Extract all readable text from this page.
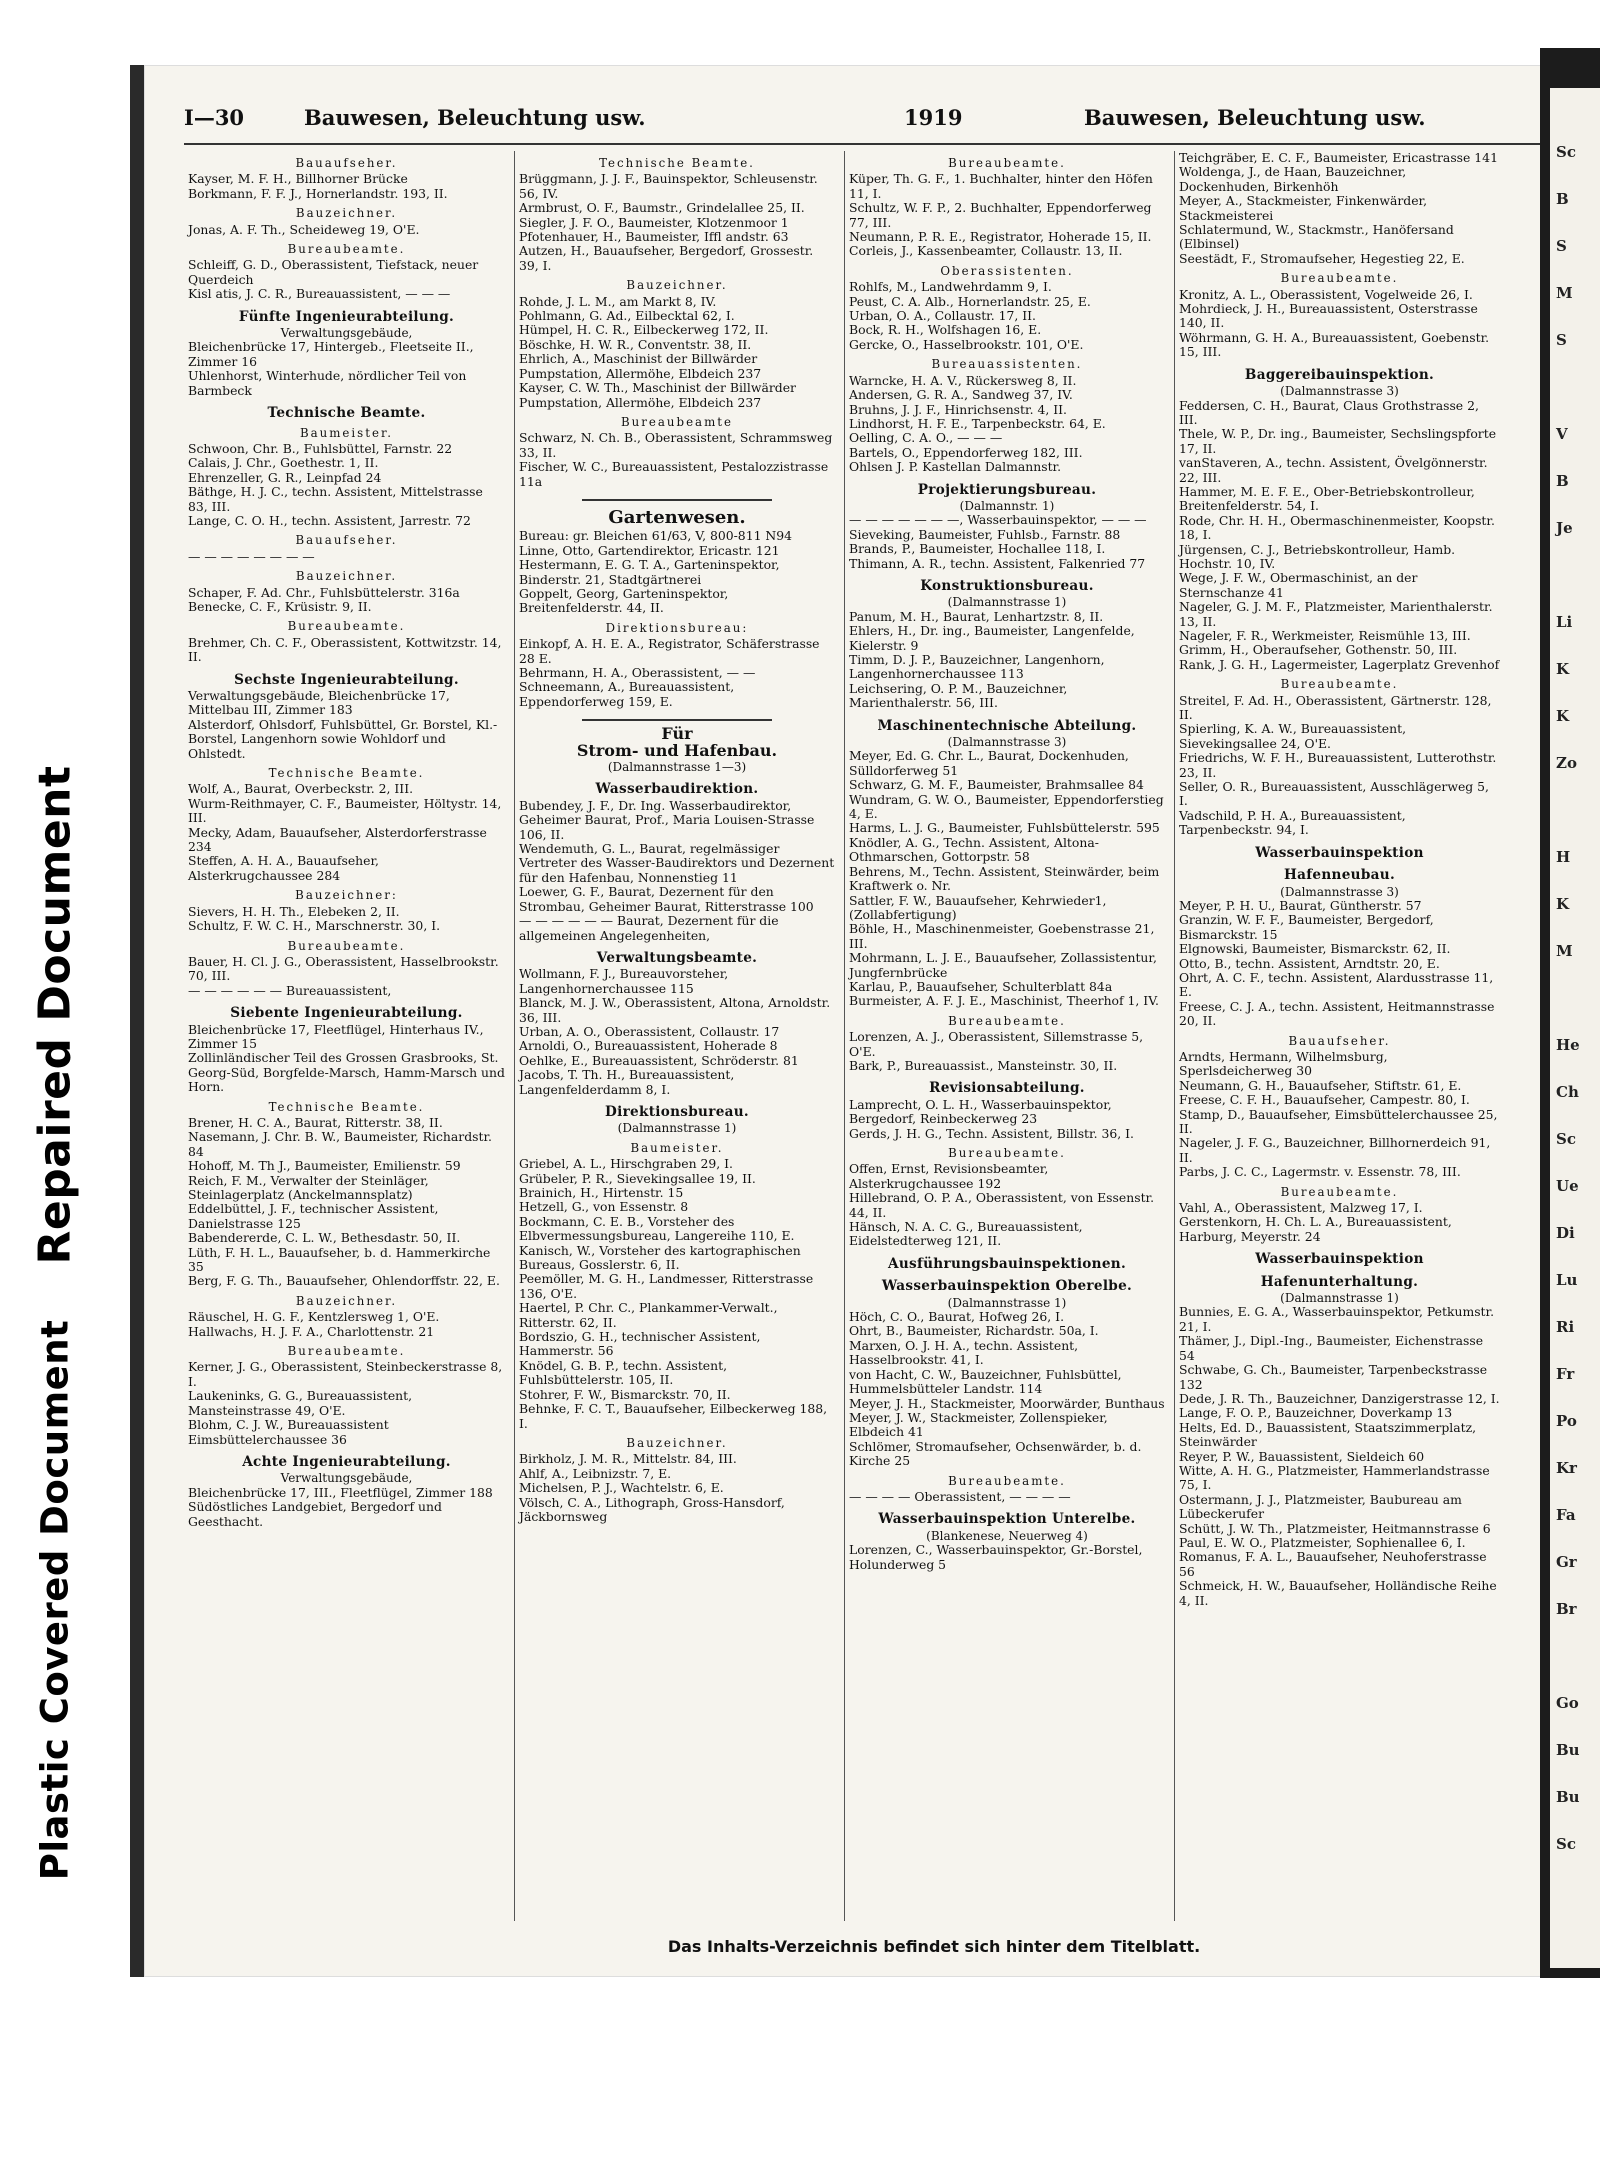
Repaired Document
Plastic Covered Document
I—30	Bauwesen, Beleuchtung usw.	1919	Bauwesen, Beleuchtung usw.
Bauaufseher.
Kayser, M. F. H., Billhorner Brücke
Borkmann, F. F. J., Hornerlandstr. 193, II.
Bauzeichner.
Jonas, A. F. Th., Scheideweg 19, O'E.
Bureaubeamte.
Schleiff, G. D., Oberassistent, Tiefstack, neuer Querdeich
Kisl atis, J. C. R., Bureauassistent, — — —
Fünfte Ingenieurabteilung.
Verwaltungsgebäude,
Bleichenbrücke 17, Hintergeb., Fleetseite II., Zimmer 16
Uhlenhorst, Winterhude, nördlicher Teil von Barmbeck
Technische Beamte.
Baumeister.
Schwoon, Chr. B., Fuhlsbüttel, Farnstr. 22
Calais, J. Chr., Goethestr. 1, II.
Ehrenzeller, G. R., Leinpfad 24
Bäthge, H. J. C., techn. Assistent, Mittelstrasse 83, III.
Lange, C. O. H., techn. Assistent, Jarrestr. 72
Bauaufseher.
— — — — — — — —
Bauzeichner.
Schaper, F. Ad. Chr., Fuhlsbüttelerstr. 316a
Benecke, C. F., Krüsistr. 9, II.
Bureaubeamte.
Brehmer, Ch. C. F., Oberassistent, Kottwitzstr. 14, II.
Sechste Ingenieurabteilung.
Verwaltungsgebäude, Bleichenbrücke 17, Mittelbau III, Zimmer 183
Alsterdorf, Ohlsdorf, Fuhlsbüttel, Gr. Borstel, Kl.-Borstel, Langenhorn sowie Wohldorf und Ohlstedt.
Technische Beamte.
Wolf, A., Baurat, Overbeckstr. 2, III.
Wurm-Reithmayer, C. F., Baumeister, Höltystr. 14, III.
Mecky, Adam, Bauaufseher, Alsterdorferstrasse 234
Steffen, A. H. A., Bauaufseher, Alsterkrugchaussee 284
Bauzeichner:
Sievers, H. H. Th., Elebeken 2, II.
Schultz, F. W. C. H., Marschnerstr. 30, I.
Bureaubeamte.
Bauer, H. Cl. J. G., Oberassistent, Hasselbrookstr. 70, III.
— — — — — — Bureauassistent,
Siebente Ingenieurabteilung.
Bleichenbrücke 17, Fleetflügel, Hinterhaus IV., Zimmer 15
Zollinländischer Teil des Grossen Grasbrooks, St. Georg-Süd, Borgfelde-Marsch, Hamm-Marsch und Horn.
Technische Beamte.
Brener, H. C. A., Baurat, Ritterstr. 38, II.
Nasemann, J. Chr. B. W., Baumeister, Richardstr. 84
Hohoff, M. Th J., Baumeister, Emilienstr. 59
Reich, F. M., Verwalter der Steinläger, Steinlagerplatz (Anckelmannsplatz)
Eddelbüttel, J. F., technischer Assistent, Danielstrasse 125
Babendererde, C. L. W., Bethesdastr. 50, II.
Lüth, F. H. L., Bauaufseher, b. d. Hammerkirche 35
Berg, F. G. Th., Bauaufseher, Ohlendorffstr. 22, E.
Bauzeichner.
Räuschel, H. G. F., Kentzlersweg 1, O'E.
Hallwachs, H. J. F. A., Charlottenstr. 21
Bureaubeamte.
Kerner, J. G., Oberassistent, Steinbeckerstrasse 8, I.
Laukeninks, G. G., Bureauassistent, Mansteinstrasse 49, O'E.
Blohm, C. J. W., Bureauassistent Eimsbüttelerchaussee 36
Achte Ingenieurabteilung.
Verwaltungsgebäude,
Bleichenbrücke 17, III., Fleetflügel, Zimmer 188
Südöstliches Landgebiet, Bergedorf und Geesthacht.
Technische Beamte.
Brüggmann, J. J. F., Bauinspektor, Schleusenstr. 56, IV.
Armbrust, O. F., Baumstr., Grindelallee 25, II.
Siegler, J. F. O., Baumeister, Klotzenmoor 1
Pfotenhauer, H., Baumeister, Iffl andstr. 63
Autzen, H., Bauaufseher, Bergedorf, Grossestr. 39, I.
Bauzeichner.
Rohde, J. L. M., am Markt 8, IV.
Pohlmann, G. Ad., Eilbecktal 62, I.
Hümpel, H. C. R., Eilbeckerweg 172, II.
Böschke, H. W. R., Conventstr. 38, II.
Ehrlich, A., Maschinist der Billwärder Pumpstation, Allermöhe, Elbdeich 237
Kayser, C. W. Th., Maschinist der Billwärder Pumpstation, Allermöhe, Elbdeich 237
Bureaubeamte
Schwarz, N. Ch. B., Oberassistent, Schrammsweg 33, II.
Fischer, W. C., Bureauassistent, Pestalozzistrasse 11a
Gartenwesen.
Bureau: gr. Bleichen 61/63, V, 800-811 N94
Linne, Otto, Gartendirektor, Ericastr. 121
Hestermann, E. G. T. A., Garteninspektor, Binderstr. 21, Stadtgärtnerei
Goppelt, Georg, Garteninspektor, Breitenfelderstr. 44, II.
Direktionsbureau:
Einkopf, A. H. E. A., Registrator, Schäferstrasse 28 E.
Behrmann, H. A., Oberassistent, — —
Schneemann, A., Bureauassistent, Eppendorferweg 159, E.
Für
Strom- und Hafenbau.
(Dalmannstrasse 1—3)
Wasserbaudirektion.
Bubendey, J. F., Dr. Ing. Wasserbaudirektor, Geheimer Baurat, Prof., Maria Louisen-Strasse 106, II.
Wendemuth, G. L., Baurat, regelmässiger Vertreter des Wasser-Baudirektors und Dezernent für den Hafenbau, Nonnenstieg 11
Loewer, G. F., Baurat, Dezernent für den Strombau, Geheimer Baurat, Ritterstrasse 100
— — — — — — Baurat, Dezernent für die allgemeinen Angelegenheiten,
Verwaltungsbeamte.
Wollmann, F. J., Bureauvorsteher, Langenhornerchaussee 115
Blanck, M. J. W., Oberassistent, Altona, Arnoldstr. 36, III.
Urban, A. O., Oberassistent, Collaustr. 17
Arnoldi, O., Bureauassistent, Hoherade 8
Oehlke, E., Bureauassistent, Schröderstr. 81
Jacobs, T. Th. H., Bureauassistent, Langenfelderdamm 8, I.
Direktionsbureau.
(Dalmannstrasse 1)
Baumeister.
Griebel, A. L., Hirschgraben 29, I.
Grübeler, P. R., Sievekingsallee 19, II.
Brainich, H., Hirtenstr. 15
Hetzell, G., von Essenstr. 8
Bockmann, C. E. B., Vorsteher des Elbvermessungsbureau, Langereihe 110, E.
Kanisch, W., Vorsteher des kartographischen Bureaus, Gosslerstr. 6, II.
Peemöller, M. G. H., Landmesser, Ritterstrasse 136, O'E.
Haertel, P. Chr. C., Plankammer-Verwalt., Ritterstr. 62, II.
Bordszio, G. H., technischer Assistent, Hammerstr. 56
Knödel, G. B. P., techn. Assistent, Fuhlsbüttelerstr. 105, II.
Stohrer, F. W., Bismarckstr. 70, II.
Behnke, F. C. T., Bauaufseher, Eilbeckerweg 188, I.
Bauzeichner.
Birkholz, J. M. R., Mittelstr. 84, III.
Ahlf, A., Leibnizstr. 7, E.
Michelsen, P. J., Wachtelstr. 6, E.
Völsch, C. A., Lithograph, Gross-Hansdorf, Jäckbornsweg
Bureaubeamte.
Küper, Th. G. F., 1. Buchhalter, hinter den Höfen 11, I.
Schultz, W. F. P., 2. Buchhalter, Eppendorferweg 77, III.
Neumann, P. R. E., Registrator, Hoherade 15, II.
Corleis, J., Kassenbeamter, Collaustr. 13, II.
Oberassistenten.
Rohlfs, M., Landwehrdamm 9, I.
Peust, C. A. Alb., Hornerlandstr. 25, E.
Urban, O. A., Collaustr. 17, II.
Bock, R. H., Wolfshagen 16, E.
Gercke, O., Hasselbrookstr. 101, O'E.
Bureauassistenten.
Warncke, H. A. V., Rückersweg 8, II.
Andersen, G. R. A., Sandweg 37, IV.
Bruhns, J. J. F., Hinrichsenstr. 4, II.
Lindhorst, H. F. E., Tarpenbeckstr. 64, E.
Oelling, C. A. O., — — —
Bartels, O., Eppendorferweg 182, III.
Ohlsen J. P. Kastellan Dalmannstr.
Projektierungsbureau.
(Dalmannstr. 1)
— — — — — — —, Wasserbauinspektor, — — —
Sieveking, Baumeister, Fuhlsb., Farnstr. 88
Brands, P., Baumeister, Hochallee 118, I.
Thimann, A. R., techn. Assistent, Falkenried 77
Konstruktionsbureau.
(Dalmannstrasse 1)
Panum, M. H., Baurat, Lenhartzstr. 8, II.
Ehlers, H., Dr. ing., Baumeister, Langenfelde, Kielerstr. 9
Timm, D. J. P., Bauzeichner, Langenhorn, Langenhornerchaussee 113
Leichsering, O. P. M., Bauzeichner, Marienthalerstr. 56, III.
Maschinentechnische Abteilung.
(Dalmannstrasse 3)
Meyer, Ed. G. Chr. L., Baurat, Dockenhuden, Sülldorferweg 51
Schwarz, G. M. F., Baumeister, Brahmsallee 84
Wundram, G. W. O., Baumeister, Eppendorferstieg 4, E.
Harms, L. J. G., Baumeister, Fuhlsbüttelerstr. 595
Knödler, A. G., Techn. Assistent, Altona-Othmarschen, Gottorpstr. 58
Behrens, M., Techn. Assistent, Steinwärder, beim Kraftwerk o. Nr.
Sattler, F. W., Bauaufseher, Kehrwieder1, (Zollabfertigung)
Böhle, H., Maschinenmeister, Goebenstrasse 21, III.
Mohrmann, L. J. E., Bauaufseher, Zollassistentur, Jungfernbrücke
Karlau, P., Bauaufseher, Schulterblatt 84a
Burmeister, A. F. J. E., Maschinist, Theerhof 1, IV.
Bureaubeamte.
Lorenzen, A. J., Oberassistent, Sillemstrasse 5, O'E.
Bark, P., Bureauassist., Mansteinstr. 30, II.
Revisionsabteilung.
Lamprecht, O. L. H., Wasserbauinspektor, Bergedorf, Reinbeckerweg 23
Gerds, J. H. G., Techn. Assistent, Billstr. 36, I.
Bureaubeamte.
Offen, Ernst, Revisionsbeamter, Alsterkrugchaussee 192
Hillebrand, O. P. A., Oberassistent, von Essenstr. 44, II.
Hänsch, N. A. C. G., Bureauassistent, Eidelstedterweg 121, II.
Ausführungsbauinspektionen.
Wasserbauinspektion Oberelbe.
(Dalmannstrasse 1)
Höch, C. O., Baurat, Hofweg 26, I.
Ohrt, B., Baumeister, Richardstr. 50a, I.
Marxen, O. J. H. A., techn. Assistent, Hasselbrookstr. 41, I.
von Hacht, C. W., Bauzeichner, Fuhlsbüttel, Hummelsbütteler Landstr. 114
Meyer, J. H., Stackmeister, Moorwärder, Bunthaus
Meyer, J. W., Stackmeister, Zollenspieker, Elbdeich 41
Schlömer, Stromaufseher, Ochsenwärder, b. d. Kirche 25
Bureaubeamte.
— — — — Oberassistent, — — — —
Wasserbauinspektion Unterelbe.
(Blankenese, Neuerweg 4)
Lorenzen, C., Wasserbauinspektor, Gr.-Borstel, Holunderweg 5
Teichgräber, E. C. F., Baumeister, Ericastrasse 141
Woldenga, J., de Haan, Bauzeichner, Dockenhuden, Birkenhöh
Meyer, A., Stackmeister, Finkenwärder, Stackmeisterei
Schlatermund, W., Stackmstr., Hanöfersand (Elbinsel)
Seestädt, F., Stromaufseher, Hegestieg 22, E.
Bureaubeamte.
Kronitz, A. L., Oberassistent, Vogelweide 26, I.
Mohrdieck, J. H., Bureauassistent, Osterstrasse 140, II.
Wöhrmann, G. H. A., Bureauassistent, Goebenstr. 15, III.
Baggereibauinspektion.
(Dalmannstrasse 3)
Feddersen, C. H., Baurat, Claus Grothstrasse 2, III.
Thele, W. P., Dr. ing., Baumeister, Sechslingspforte 17, II.
vanStaveren, A., techn. Assistent, Övelgönnerstr. 22, III.
Hammer, M. E. F. E., Ober-Betriebskontrolleur, Breitenfelderstr. 54, I.
Rode, Chr. H. H., Obermaschinenmeister, Koopstr. 18, I.
Jürgensen, C. J., Betriebskontrolleur, Hamb. Hochstr. 10, IV.
Wege, J. F. W., Obermaschinist, an der Sternschanze 41
Nageler, G. J. M. F., Platzmeister, Marienthalerstr. 13, II.
Nageler, F. R., Werkmeister, Reismühle 13, III.
Grimm, H., Oberaufseher, Gothenstr. 50, III.
Rank, J. G. H., Lagermeister, Lagerplatz Grevenhof
Bureaubeamte.
Streitel, F. Ad. H., Oberassistent, Gärtnerstr. 128, II.
Spierling, K. A. W., Bureauassistent, Sievekingsallee 24, O'E.
Friedrichs, W. F. H., Bureauassistent, Lutterothstr. 23, II.
Seller, O. R., Bureauassistent, Ausschlägerweg 5, I.
Vadschild, P. H. A., Bureauassistent, Tarpenbeckstr. 94, I.
Wasserbauinspektion
Hafenneubau.
(Dalmannstrasse 3)
Meyer, P. H. U., Baurat, Güntherstr. 57
Granzin, W. F. F., Baumeister, Bergedorf, Bismarckstr. 15
Elgnowski, Baumeister, Bismarckstr. 62, II.
Otto, B., techn. Assistent, Arndtstr. 20, E.
Ohrt, A. C. F., techn. Assistent, Alardusstrasse 11, E.
Freese, C. J. A., techn. Assistent, Heitmannstrasse 20, II.
Bauaufseher.
Arndts, Hermann, Wilhelmsburg, Sperlsdeicherweg 30
Neumann, G. H., Bauaufseher, Stiftstr. 61, E.
Freese, C. F. H., Bauaufseher, Campestr. 80, I.
Stamp, D., Bauaufseher, Eimsbüttelerchaussee 25, II.
Nageler, J. F. G., Bauzeichner, Billhornerdeich 91, II.
Parbs, J. C. C., Lagermstr. v. Essenstr. 78, III.
Bureaubeamte.
Vahl, A., Oberassistent, Malzweg 17, I.
Gerstenkorn, H. Ch. L. A., Bureauassistent, Harburg, Meyerstr. 24
Wasserbauinspektion
Hafenunterhaltung.
(Dalmannstrasse 1)
Bunnies, E. G. A., Wasserbauinspektor, Petkumstr. 21, I.
Thämer, J., Dipl.-Ing., Baumeister, Eichenstrasse 54
Schwabe, G. Ch., Baumeister, Tarpenbeckstrasse 132
Dede, J. R. Th., Bauzeichner, Danzigerstrasse 12, I.
Lange, F. O. P., Bauzeichner, Doverkamp 13
Helts, Ed. D., Bauassistent, Staatszimmerplatz, Steinwärder
Reyer, P. W., Bauassistent, Sieldeich 60
Witte, A. H. G., Platzmeister, Hammerlandstrasse 75, I.
Ostermann, J. J., Platzmeister, Baubureau am Lübeckerufer
Schütt, J. W. Th., Platzmeister, Heitmannstrasse 6
Paul, E. W. O., Platzmeister, Sophienallee 6, I.
Romanus, F. A. L., Bauaufseher, Neuhoferstrasse 56
Schmeick, H. W., Bauaufseher, Holländische Reihe 4, II.
Das Inhalts-Verzeichnis befindet sich hinter dem Titelblatt.
Sc
B
S
M
S
V
B
Je
Li
K
K
Zo
H
K
M
He
Ch
Sc
Ue
Di
Lu
Ri
Fr
Po
Kr
Fa
Gr
Br
Go
Bu
Bu
Sc
